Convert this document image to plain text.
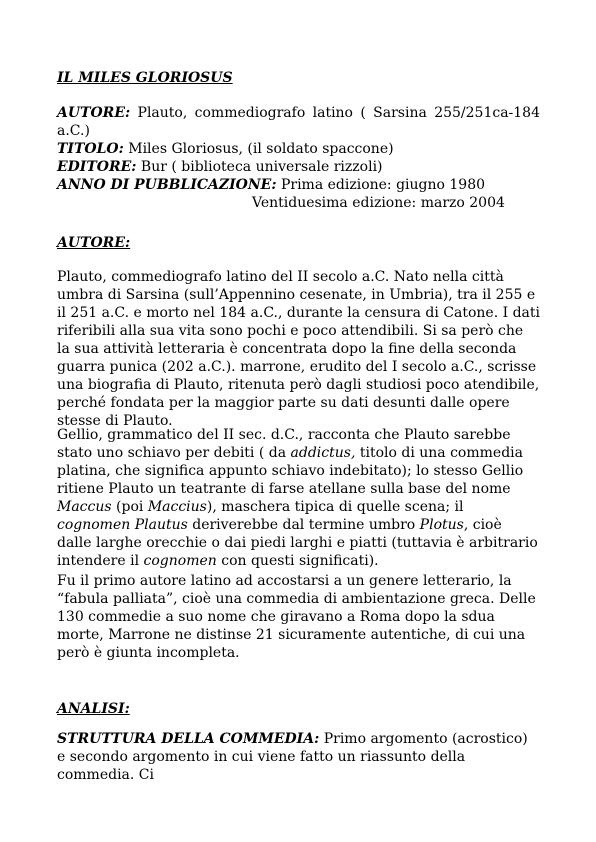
IL MILES GLORIOSUS
AUTORE: Plauto, commediografo latino ( Sarsina 255/251ca-184 a.C.)
TITOLO: Miles Gloriosus, (il soldato spaccone)
EDITORE: Bur ( biblioteca universale rizzoli)
ANNO DI PUBBLICAZIONE: Prima edizione: giugno 1980
Ventiduesima edizione: marzo 2004
AUTORE:

Plauto, commediografo latino del II secolo a.C. Nato nella città umbra di Sarsina (sull’Appennino cesenate, in Umbria), tra il 255 e il 251 a.C. e morto nel 184 a.C., durante la censura di Catone. I dati riferibili alla sua vita sono pochi e poco attendibili. Si sa però che la sua attività letteraria è concentrata dopo la fine della seconda guarra punica (202 a.C.). marrone, erudito del I secolo a.C., scrisse una biografia di Plauto, ritenuta però dagli studiosi poco atendibile, perché fondata per la maggior parte su dati desunti dalle opere stesse di Plauto.

Gellio, grammatico del II sec. d.C., racconta che Plauto sarebbe stato uno schiavo per debiti ( da addictus, titolo di una commedia platina, che significa appunto schiavo indebitato); lo stesso Gellio ritiene Plauto un teatrante di farse atellane sulla base del nome Maccus (poi Maccius), maschera tipica di quelle scena; il cognomen Plautus deriverebbe dal termine umbro Plotus, cioè dalle larghe orecchie o dai piedi larghi e piatti (tuttavia è arbitrario intendere il cognomen con questi significati).

Fu il primo autore latino ad accostarsi a un genere letterario, la “fabula palliata”, cioè una commedia di ambientazione greca. Delle 130 commedie a suo nome che giravano a Roma dopo la sdua morte, Marrone ne distinse 21 sicuramente autentiche, di cui una però è giunta incompleta.

ANALISI:

STRUTTURA DELLA COMMEDIA: Primo argomento (acrostico) e secondo argomento in cui viene fatto un riassunto della commedia. Ci
